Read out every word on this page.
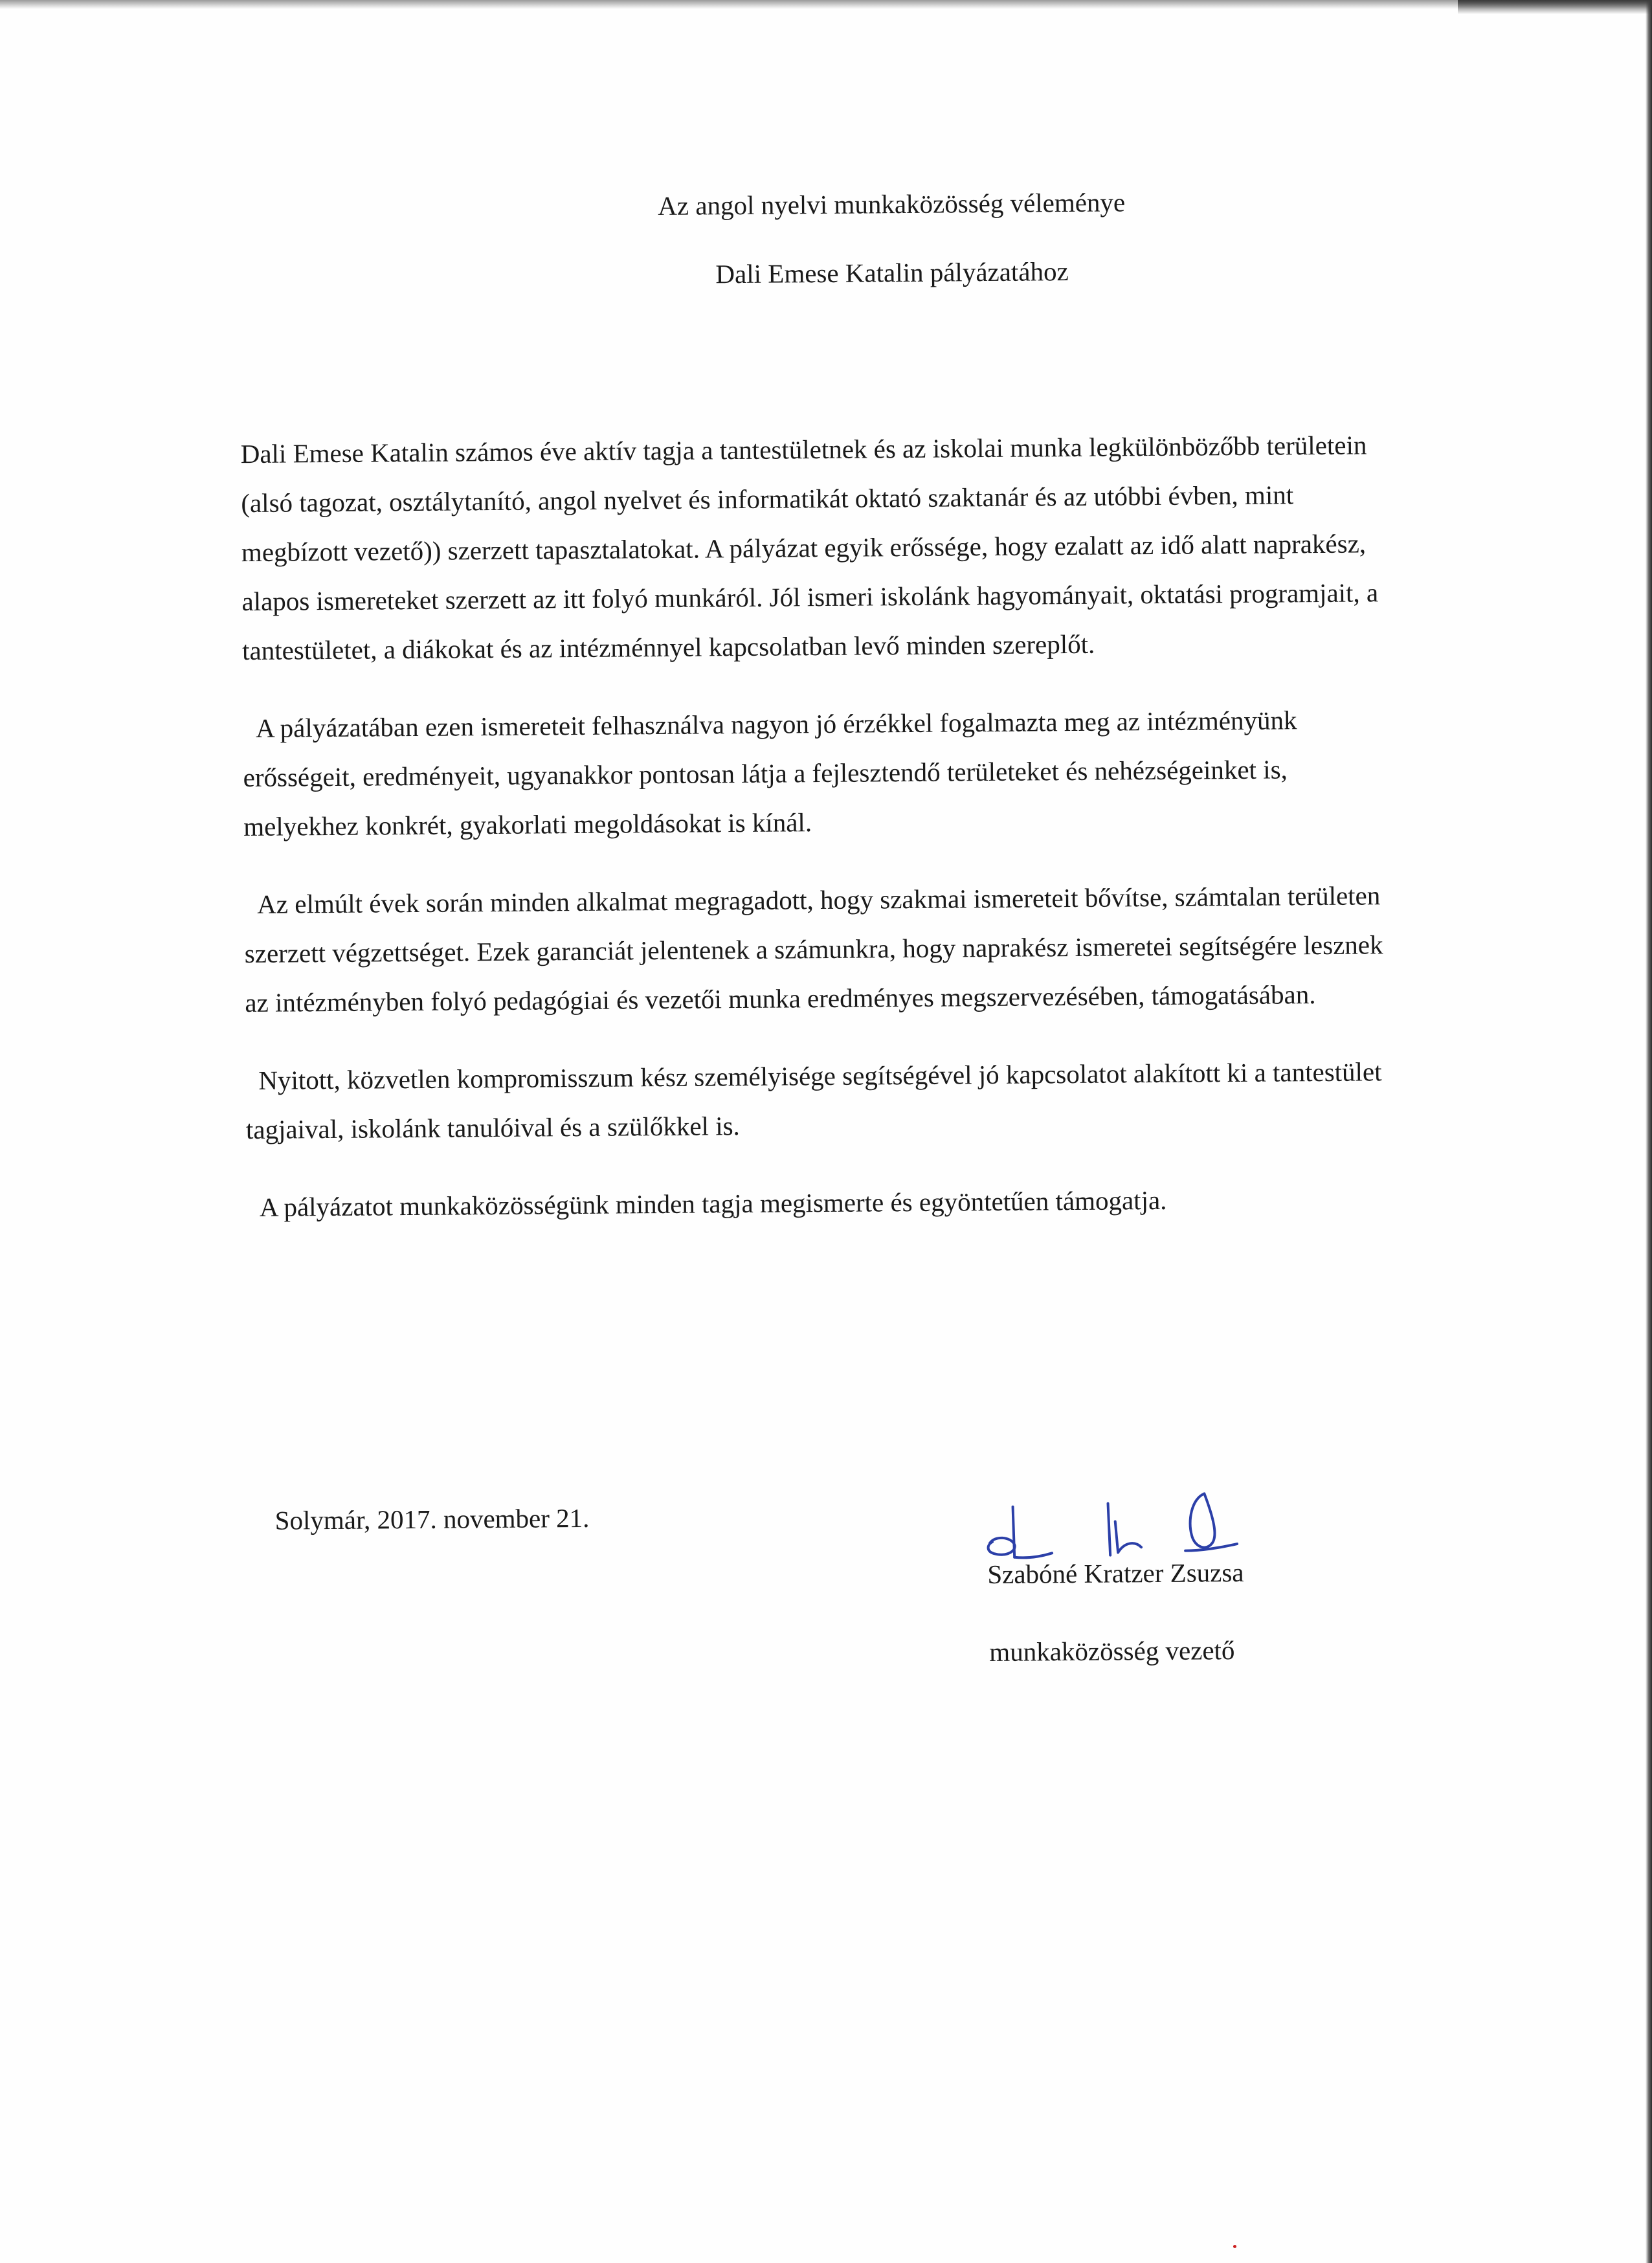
Az angol nyelvi munkaközösség véleménye
Dali Emese Katalin pályázatához

Dali Emese Katalin számos éve aktív tagja a tantestületnek és az iskolai munka legkülönbözőbb területein (alsó tagozat, osztálytanító, angol nyelvet és informatikát oktató szaktanár és az utóbbi évben, mint megbízott vezető)) szerzett tapasztalatokat. A pályázat egyik erőssége, hogy ezalatt az idő alatt naprakész, alapos ismereteket szerzett az itt folyó munkáról. Jól ismeri iskolánk hagyományait, oktatási programjait, a tantestületet, a diákokat és az intézménnyel kapcsolatban levő minden szereplőt.

A pályázatában ezen ismereteit felhasználva nagyon jó érzékkel fogalmazta meg az intézményünk erősségeit, eredményeit, ugyanakkor pontosan látja a fejlesztendő területeket és nehézségeinket is, melyekhez konkrét, gyakorlati megoldásokat is kínál.

Az elmúlt évek során minden alkalmat megragadott, hogy szakmai ismereteit bővítse, számtalan területen szerzett végzettséget. Ezek garanciát jelentenek a számunkra, hogy naprakész ismeretei segítségére lesznek az intézményben folyó pedagógiai és vezetői munka eredményes megszervezésében, támogatásában.

Nyitott, közvetlen kompromisszum kész személyisége segítségével jó kapcsolatot alakított ki a tantestület tagjaival, iskolánk tanulóival és a szülőkkel is.

A pályázatot munkaközösségünk minden tagja megismerte és egyöntetűen támogatja.

Solymár, 2017. november 21.

Szabóné Kratzer Zsuzsa

munkaközösség vezető
